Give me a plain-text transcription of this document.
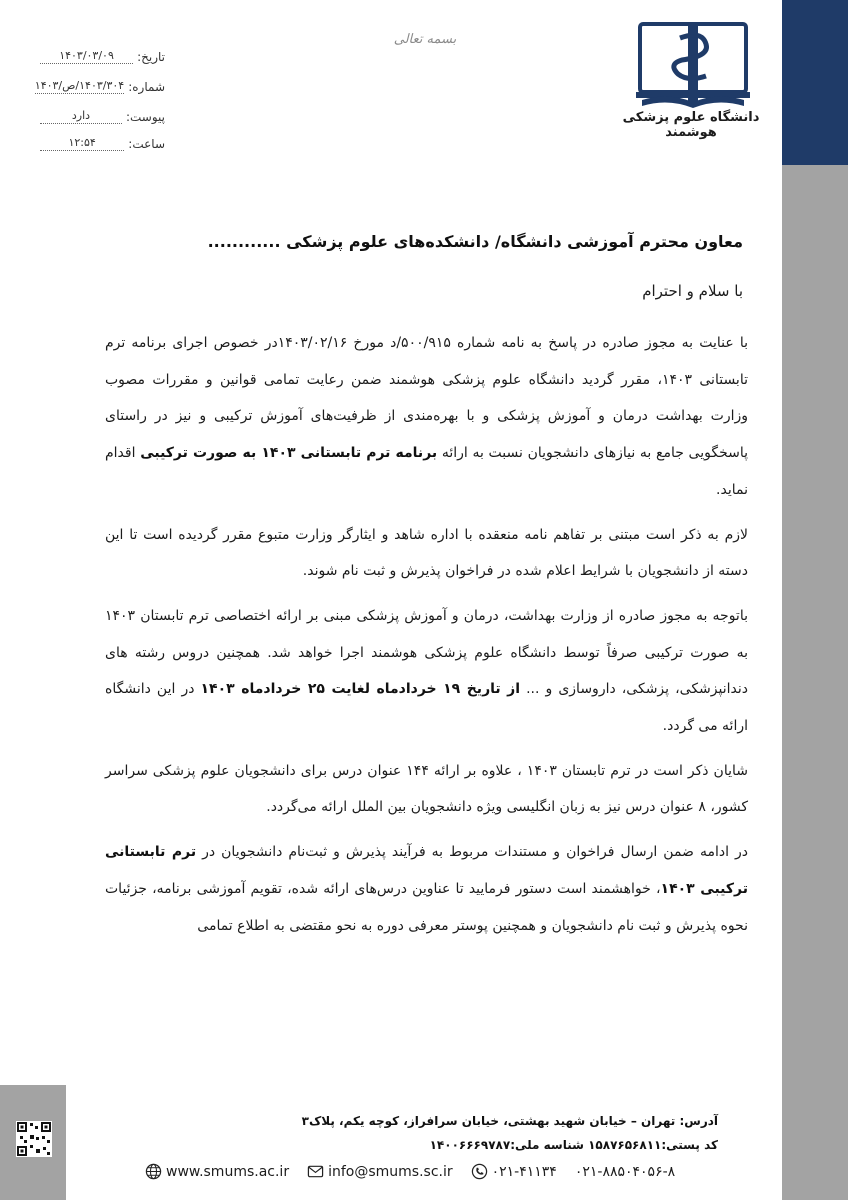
دانشگاه علوم پزشکی هوشمند
بسمه تعالی
تاریخ:
۱۴۰۳/۰۳/۰۹
شماره:
۱۴۰۳/۳۰۴/ص/۱۴۰۳
پیوست:
دارد
ساعت:
۱۲:۵۴
معاون محترم آموزشی دانشگاه/ دانشکده‌های علوم پزشکی ............
با سلام و احترام

با عنایت به مجوز صادره در پاسخ به نامه شماره ۵۰۰/۹۱۵/د مورخ ۱۴۰۳/۰۲/۱۶در خصوص اجرای برنامه ترم تابستانی ۱۴۰۳، مقرر گردید دانشگاه علوم پزشکی هوشمند ضمن رعایت تمامی قوانین و مقررات مصوب وزارت بهداشت درمان و آموزش پزشکی و با بهره‌مندی از ظرفیت‌های آموزش ترکیبی و نیز در راستای پاسخگویی جامع به نیازهای دانشجویان نسبت به ارائه برنامه ترم تابستانی ۱۴۰۳ به صورت ترکیبی اقدام نماید.

لازم به ذکر است مبتنی بر تفاهم نامه منعقده با اداره شاهد و ایثارگر وزارت متبوع مقرر گردیده است تا این دسته از دانشجویان با شرایط اعلام شده در فراخوان پذیرش و ثبت نام شوند.

باتوجه به مجوز صادره از وزارت بهداشت، درمان و آموزش پزشکی مبنی بر ارائه اختصاصی ترم تابستان ۱۴۰۳ به صورت ترکیبی صرفاً توسط دانشگاه علوم پزشکی هوشمند اجرا خواهد شد. همچنین دروس رشته های دندانپزشکی، پزشکی، داروسازی و ... از تاریخ ۱۹ خردادماه لغایت ۲۵ خردادماه ۱۴۰۳ در این دانشگاه ارائه می گردد.

شایان ذکر است در ترم تابستان ۱۴۰۳ ، علاوه بر ارائه ۱۴۴ عنوان درس برای دانشجویان علوم پزشکی سراسر کشور، ۸ عنوان درس نیز به زبان انگلیسی ویژه دانشجویان بین الملل ارائه می‌گردد.

در ادامه ضمن ارسال فراخوان و مستندات مربوط به فرآیند پذیرش و ثبت‌نام دانشجویان در ترم تابستانی ترکیبی ۱۴۰۳، خواهشمند است دستور فرمایید تا عناوین درس‌های ارائه شده، تقویم آموزشی برنامه، جزئیات نحوه پذیرش و ثبت نام دانشجویان و همچنین پوستر معرفی دوره به نحو مقتضی به اطلاع تمامی

آدرس: تهران – خیابان شهید بهشتی، خیابان سرافراز، کوچه یکم، پلاک۳
کد پستی:۱۵۸۷۶۵۶۸۱۱ شناسه ملی:۱۴۰۰۶۶۶۹۷۸۷
www.smums.ac.ir	info@smums.sc.ir	۰۲۱-۴۱۱۳۴ ۰۲۱-۸۸۵۰۴۰۵۶-۸
